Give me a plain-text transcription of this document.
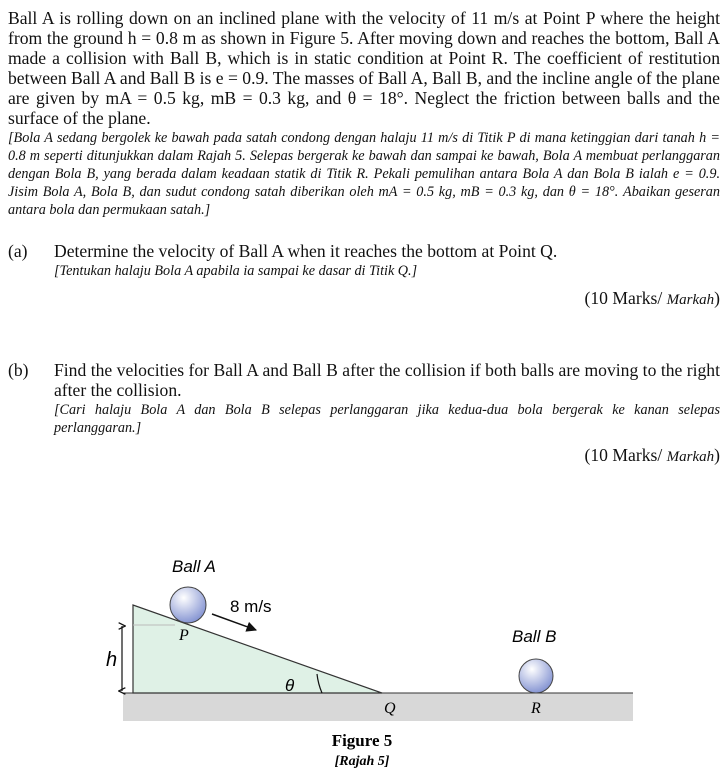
Ball A is rolling down on an inclined plane with the velocity of 11 m/s at Point P where the height from the ground h = 0.8 m as shown in Figure 5. After moving down and reaches the bottom, Ball A made a collision with Ball B, which is in static condition at Point R. The coefficient of restitution between Ball A and Ball B is e = 0.9. The masses of Ball A, Ball B, and the incline angle of the plane are given by mA = 0.5 kg, mB = 0.3 kg, and θ = 18°. Neglect the friction between balls and the surface of the plane.
[Bola A sedang bergolek ke bawah pada satah condong dengan halaju 11 m/s di Titik P di mana ketinggian dari tanah h = 0.8 m seperti ditunjukkan dalam Rajah 5. Selepas bergerak ke bawah dan sampai ke bawah, Bola A membuat perlanggaran dengan Bola B, yang berada dalam keadaan statik di Titik R. Pekali pemulihan antara Bola A dan Bola B ialah e = 0.9. Jisim Bola A, Bola B, dan sudut condong satah diberikan oleh mA = 0.5 kg, mB = 0.3 kg, dan θ = 18°. Abaikan geseran antara bola dan permukaan satah.]
(a) Determine the velocity of Ball A when it reaches the bottom at Point Q.
[Tentukan halaju Bola A apabila ia sampai ke dasar di Titik Q.]
(10 Marks/ Markah)
(b) Find the velocities for Ball A and Ball B after the collision if both balls are moving to the right after the collision.
[Cari halaju Bola A dan Bola B selepas perlanggaran jika kedua-dua bola bergerak ke kanan selepas perlanggaran.]
(10 Marks/ Markah)
h
θ
Ball A
P
8 m/s
Q
Ball B
R
Figure 5
[Rajah 5]
